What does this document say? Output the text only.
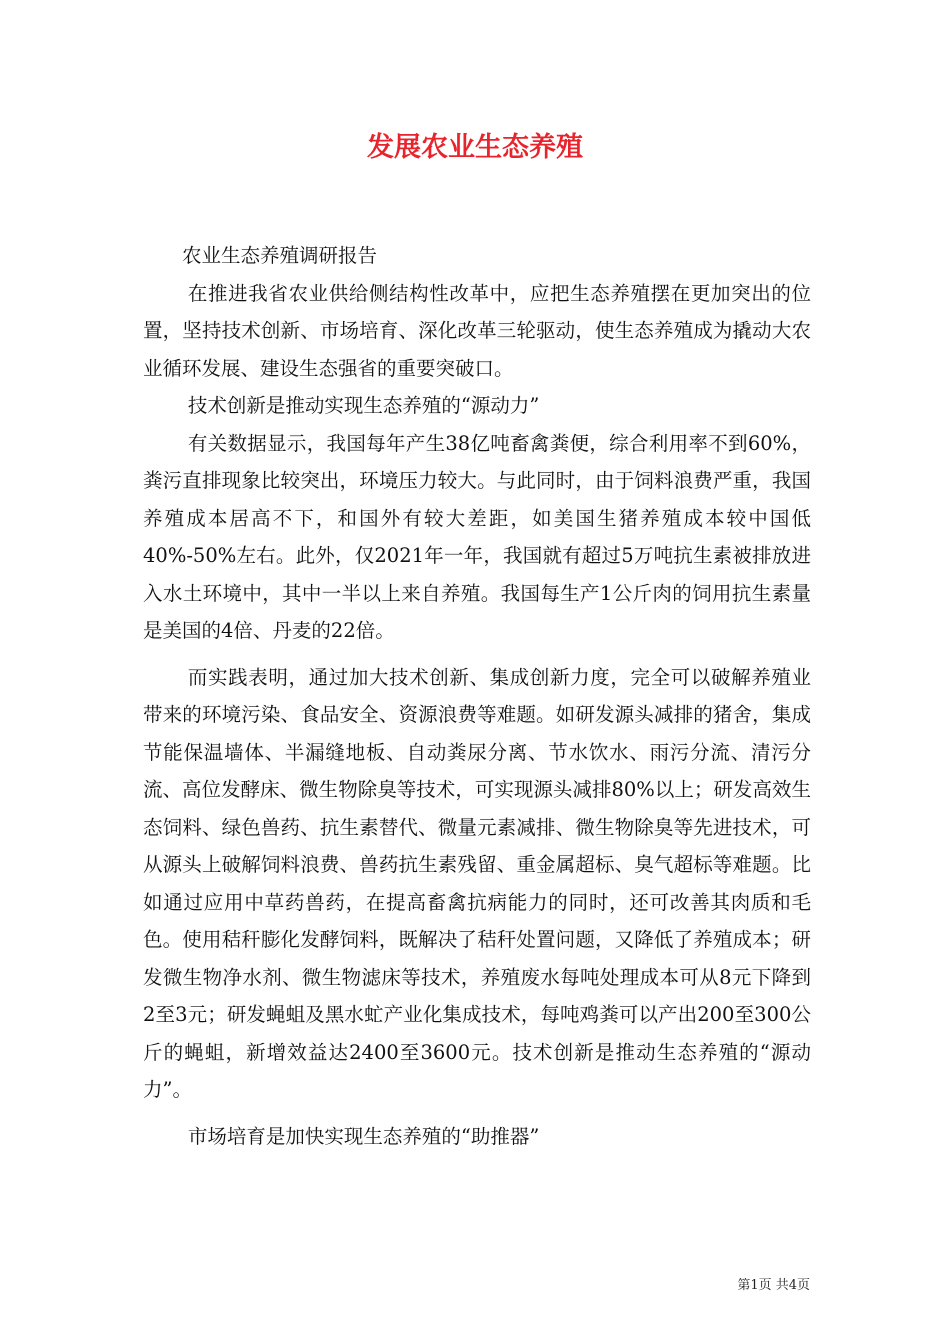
发展农业生态养殖

农业生态养殖调研报告

在推进我省农业供给侧结构性改革中，应把生态养殖摆在更加突出的位置，坚持技术创新、市场培育、深化改革三轮驱动，使生态养殖成为撬动大农业循环发展、建设生态强省的重要突破口。

技术创新是推动实现生态养殖的“源动力”

有关数据显示，我国每年产生38亿吨畜禽粪便，综合利用率不到60%，粪污直排现象比较突出，环境压力较大。与此同时，由于饲料浪费严重，我国养殖成本居高不下，和国外有较大差距，如美国生猪养殖成本较中国低40%-50%左右。此外，仅2021年一年，我国就有超过5万吨抗生素被排放进入水土环境中，其中一半以上来自养殖。我国每生产1公斤肉的饲用抗生素量是美国的4倍、丹麦的22倍。

而实践表明，通过加大技术创新、集成创新力度，完全可以破解养殖业带来的环境污染、食品安全、资源浪费等难题。如研发源头减排的猪舍，集成节能保温墙体、半漏缝地板、自动粪尿分离、节水饮水、雨污分流、清污分流、高位发酵床、微生物除臭等技术，可实现源头减排80%以上；研发高效生态饲料、绿色兽药、抗生素替代、微量元素减排、微生物除臭等先进技术，可从源头上破解饲料浪费、兽药抗生素残留、重金属超标、臭气超标等难题。比如通过应用中草药兽药，在提高畜禽抗病能力的同时，还可改善其肉质和毛色。使用秸秆膨化发酵饲料，既解决了秸秆处置问题，又降低了养殖成本；研发微生物净水剂、微生物滤床等技术，养殖废水每吨处理成本可从8元下降到2至3元；研发蝇蛆及黑水虻产业化集成技术，每吨鸡粪可以产出200至300公斤的蝇蛆，新增效益达2400至3600元。技术创新是推动生态养殖的“源动力”。

市场培育是加快实现生态养殖的“助推器”

第1页 共4页
